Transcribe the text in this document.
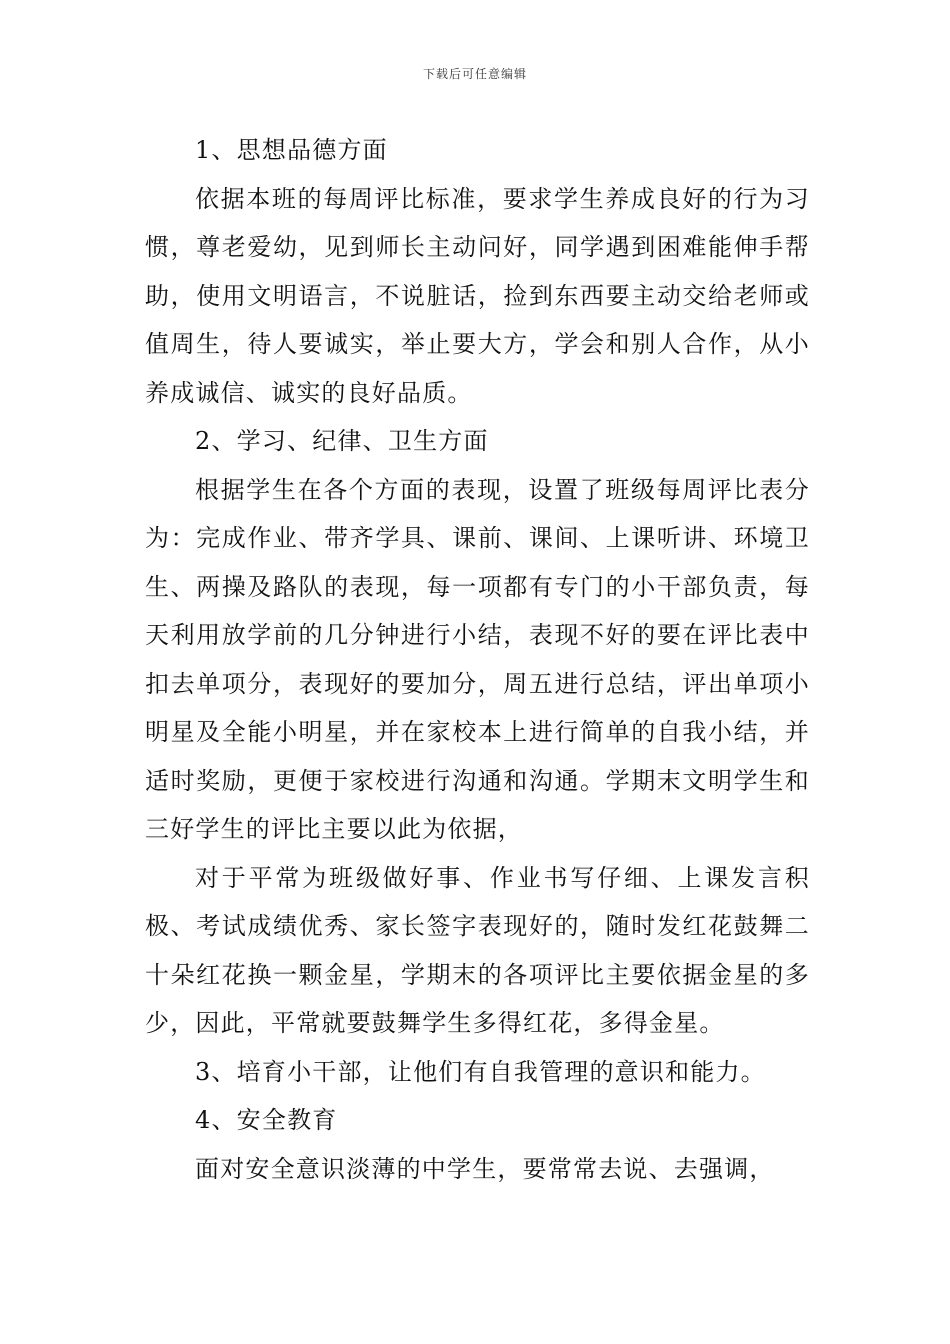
下载后可任意编辑

1、思想品德方面

依据本班的每周评比标准，要求学生养成良好的行为习惯，尊老爱幼，见到师长主动问好，同学遇到困难能伸手帮助，使用文明语言，不说脏话，捡到东西要主动交给老师或值周生，待人要诚实，举止要大方，学会和别人合作，从小养成诚信、诚实的良好品质。

2、学习、纪律、卫生方面

根据学生在各个方面的表现，设置了班级每周评比表分为：完成作业、带齐学具、课前、课间、上课听讲、环境卫生、两操及路队的表现，每一项都有专门的小干部负责，每天利用放学前的几分钟进行小结，表现不好的要在评比表中扣去单项分，表现好的要加分，周五进行总结，评出单项小明星及全能小明星，并在家校本上进行简单的自我小结，并适时奖励，更便于家校进行沟通和沟通。学期末文明学生和三好学生的评比主要以此为依据，

对于平常为班级做好事、作业书写仔细、上课发言积极、考试成绩优秀、家长签字表现好的，随时发红花鼓舞二十朵红花换一颗金星，学期末的各项评比主要依据金星的多少，因此，平常就要鼓舞学生多得红花，多得金星。

3、培育小干部，让他们有自我管理的意识和能力。

4、安全教育

面对安全意识淡薄的中学生，要常常去说、去强调，
